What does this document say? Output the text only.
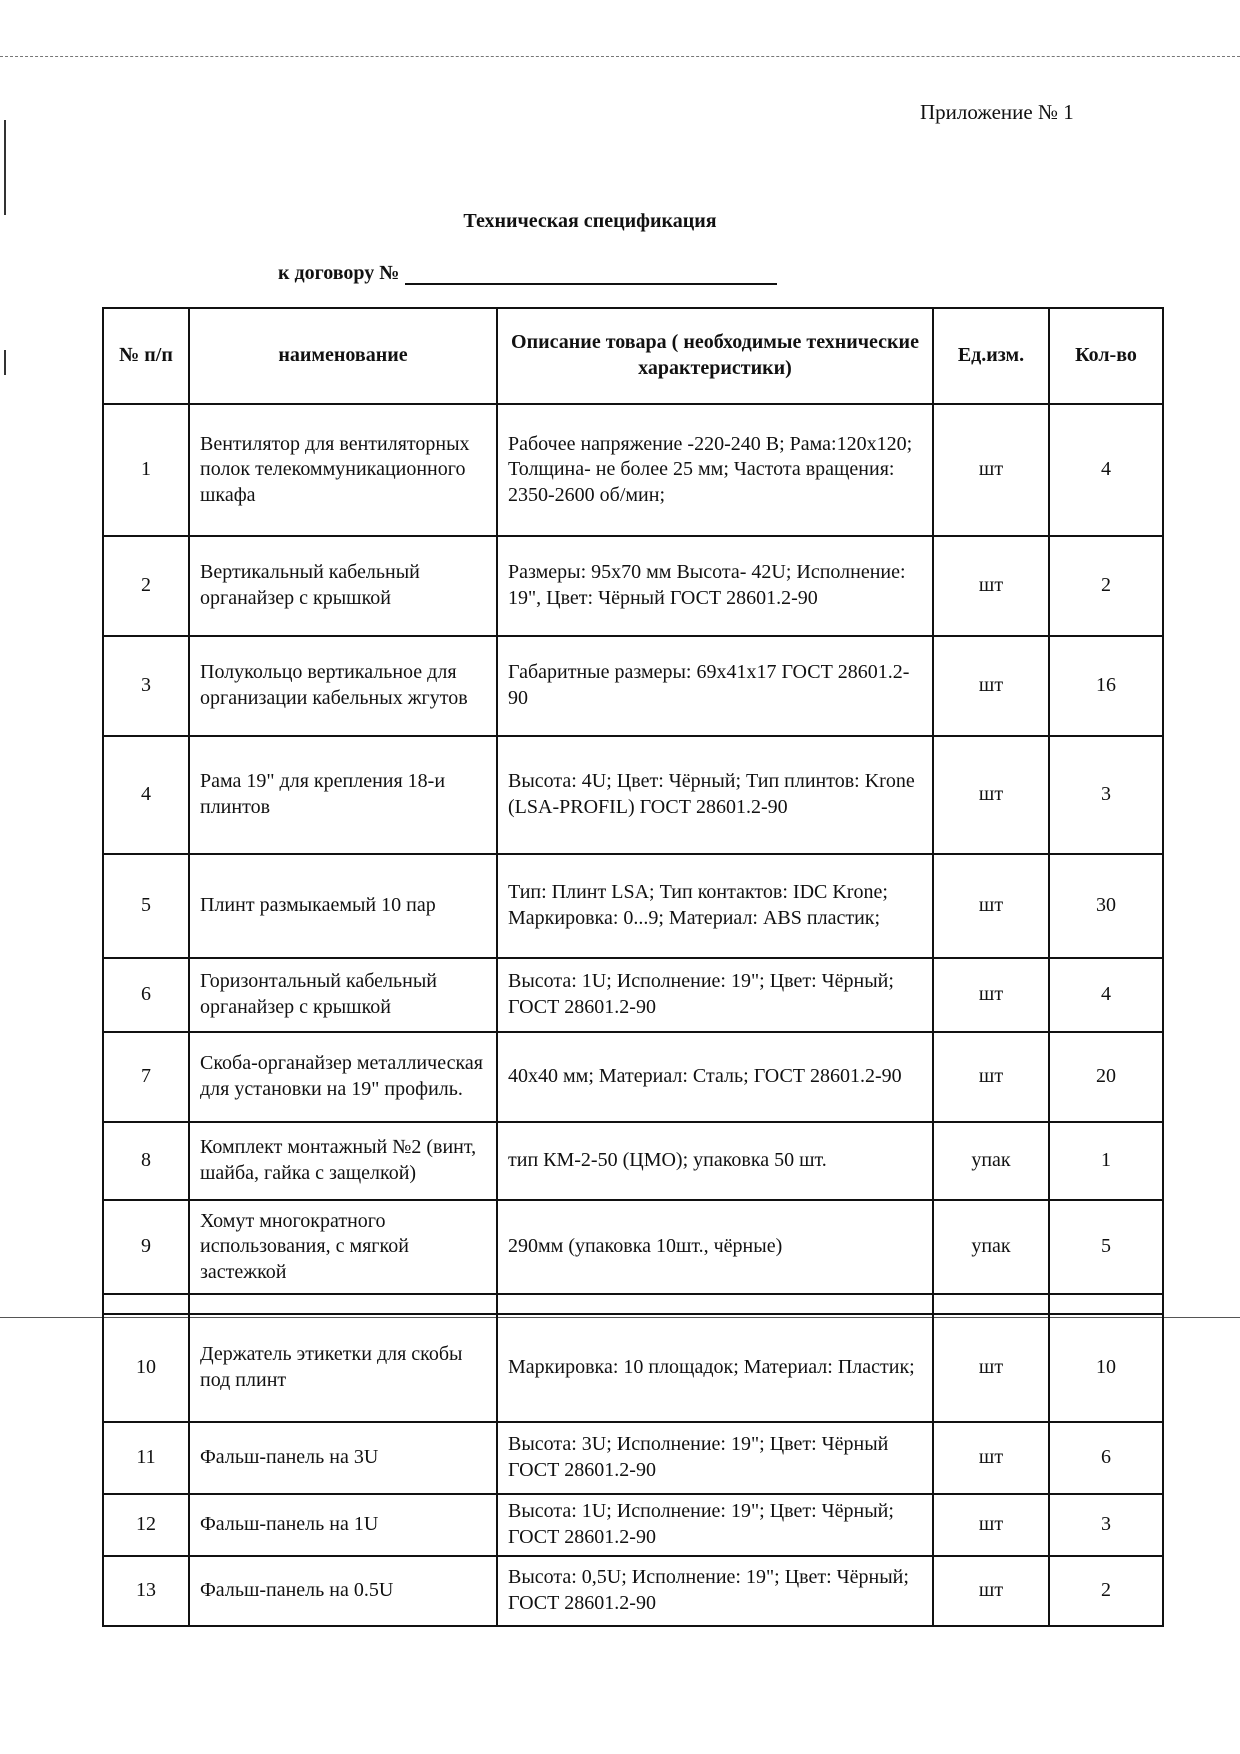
Приложение № 1
Техническая спецификация
к договору №
№ п/п	наименование	Описание товара ( необходимые технические характеристики)	Ед.изм.	Кол-во
1	Вентилятор для вентиляторных полок телекоммуникационного шкафа	Рабочее напряжение -220-240 В; Рама:120х120; Толщина- не более 25 мм; Частота вращения: 2350-2600 об/мин;	шт	4
2	Вертикальный кабельный органайзер с крышкой	Размеры: 95х70 мм Высота- 42U; Исполнение: 19", Цвет: Чёрный ГОСТ 28601.2-90	шт	2
3	Полукольцо вертикальное для организации кабельных жгутов	Габаритные размеры: 69х41х17 ГОСТ 28601.2-90	шт	16
4	Рама 19" для крепления 18-и плинтов	Высота: 4U; Цвет: Чёрный; Тип плинтов: Krone (LSA-PROFIL) ГОСТ 28601.2-90	шт	3
5	Плинт размыкаемый 10 пар	Тип: Плинт LSA; Тип контактов: IDC Krone; Маркировка: 0...9; Материал: ABS пластик;	шт	30
6	Горизонтальный кабельный органайзер с крышкой	Высота: 1U; Исполнение: 19"; Цвет: Чёрный; ГОСТ 28601.2-90	шт	4
7	Скоба-органайзер металлическая для установки на 19" профиль.	40х40 мм; Материал: Сталь; ГОСТ 28601.2-90	шт	20
8	Комплект монтажный №2 (винт, шайба, гайка с защелкой)	тип КМ-2-50 (ЦМО); упаковка 50 шт.	упак	1
9	Хомут многократного использования, с мягкой застежкой	290мм (упаковка 10шт., чёрные)	упак	5

10	Держатель этикетки для скобы под плинт	Маркировка: 10 площадок; Материал: Пластик;	шт	10
11	Фальш-панель на 3U	Высота: 3U; Исполнение: 19"; Цвет: Чёрный ГОСТ 28601.2-90	шт	6
12	Фальш-панель на 1U	Высота: 1U; Исполнение: 19"; Цвет: Чёрный; ГОСТ 28601.2-90	шт	3
13	Фальш-панель на 0.5U	Высота: 0,5U; Исполнение: 19"; Цвет: Чёрный; ГОСТ 28601.2-90	шт	2
